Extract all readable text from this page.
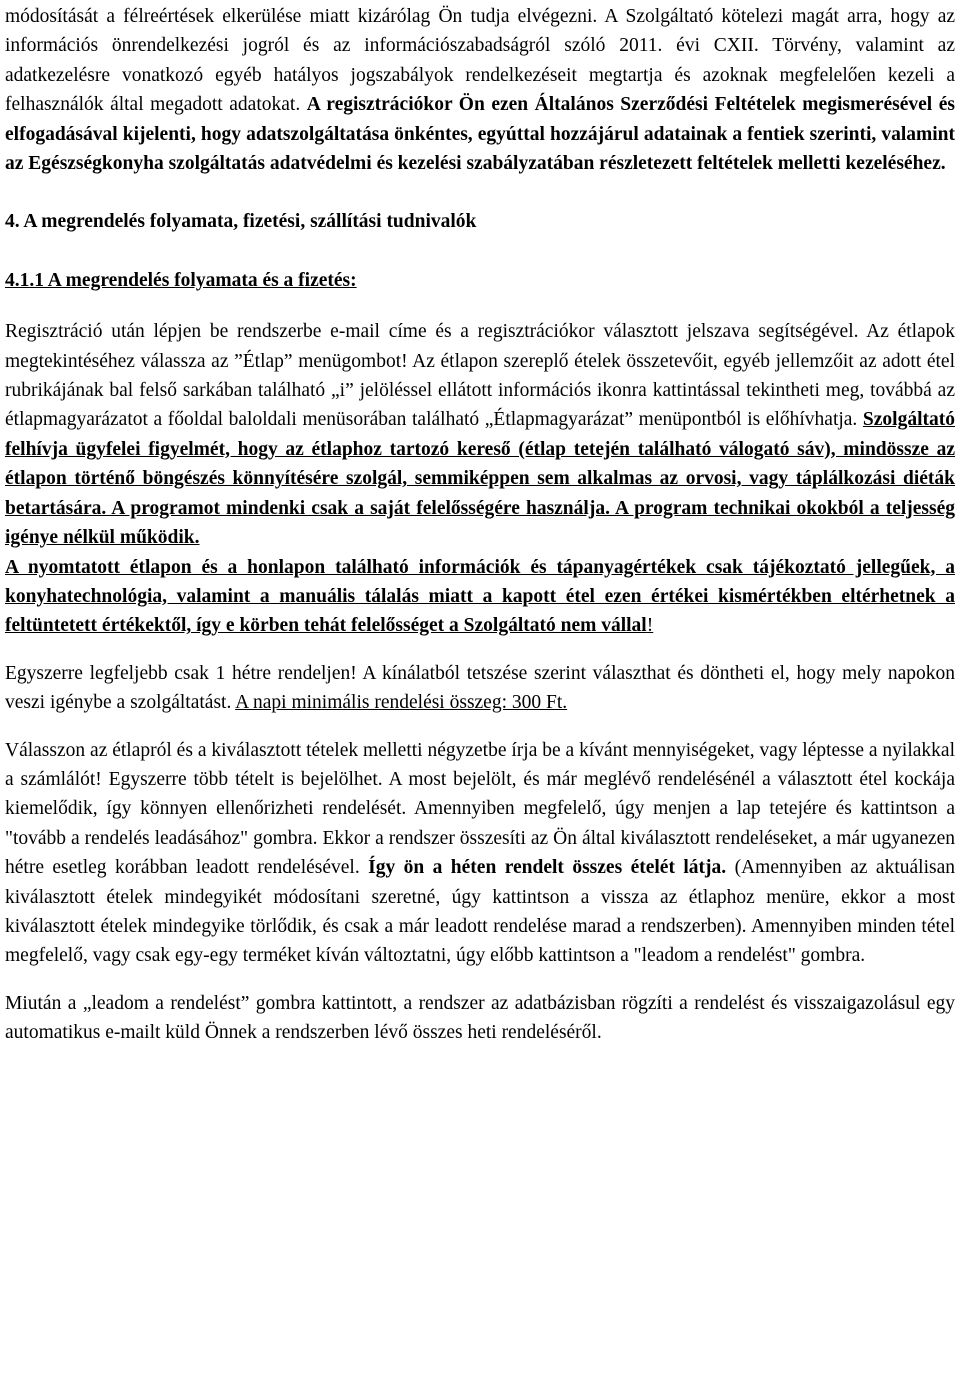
módosítását a félreértések elkerülése miatt kizárólag Ön tudja elvégezni. A Szolgáltató kötelezi magát arra, hogy az információs önrendelkezési jogról és az információszabadságról szóló 2011. évi CXII. Törvény, valamint az adatkezelésre vonatkozó egyéb hatályos jogszabályok rendelkezéseit megtartja és azoknak megfelelően kezeli a felhasználók által megadott adatokat. A regisztrációkor Ön ezen Általános Szerződési Feltételek megismerésével és elfogadásával kijelenti, hogy adatszolgáltatása önkéntes, egyúttal hozzájárul adatainak a fentiek szerinti, valamint az Egészségkonyha szolgáltatás adatvédelmi és kezelési szabályzatában részletezett feltételek melletti kezeléséhez.

4. A megrendelés folyamata, fizetési, szállítási tudnivalók

4.1.1 A megrendelés folyamata és a fizetés:

Regisztráció után lépjen be rendszerbe e-mail címe és a regisztrációkor választott jelszava segítségével. Az étlapok megtekintéséhez válassza az ”Étlap” menügombot! Az étlapon szereplő ételek összetevőit, egyéb jellemzőit az adott étel rubrikájának bal felső sarkában található „i” jelöléssel ellátott információs ikonra kattintással tekintheti meg, továbbá az étlapmagyarázatot a főoldal baloldali menüsorában található „Étlapmagyarázat” menüpontból is előhívhatja. Szolgáltató felhívja ügyfelei figyelmét, hogy az étlaphoz tartozó kereső (étlap tetején található válogató sáv), mindössze az étlapon történő böngészés könnyítésére szolgál, semmiképpen sem alkalmas az orvosi, vagy táplálkozási diéták betartására. A programot mindenki csak a saját felelősségére használja. A program technikai okokból a teljesség igénye nélkül működik.

A nyomtatott étlapon és a honlapon található információk és tápanyagértékek csak tájékoztató jellegűek, a konyhatechnológia, valamint a manuális tálalás miatt a kapott étel ezen értékei kismértékben eltérhetnek a feltüntetett értékektől, így e körben tehát felelősséget a Szolgáltató nem vállal!

Egyszerre legfeljebb csak 1 hétre rendeljen! A kínálatból tetszése szerint választhat és döntheti el, hogy mely napokon veszi igénybe a szolgáltatást. A napi minimális rendelési összeg: 300 Ft.

Válasszon az étlapról és a kiválasztott tételek melletti négyzetbe írja be a kívánt mennyiségeket, vagy léptesse a nyilakkal a számlálót! Egyszerre több tételt is bejelölhet. A most bejelölt, és már meglévő rendelésénél a választott étel kockája kiemelődik, így könnyen ellenőrizheti rendelését. Amennyiben megfelelő, úgy menjen a lap tetejére és kattintson a "tovább a rendelés leadásához" gombra. Ekkor a rendszer összesíti az Ön által kiválasztott rendeléseket, a már ugyanezen hétre esetleg korábban leadott rendelésével. Így ön a héten rendelt összes ételét látja. (Amennyiben az aktuálisan kiválasztott ételek mindegyikét módosítani szeretné, úgy kattintson a vissza az étlaphoz menüre, ekkor a most kiválasztott ételek mindegyike törlődik, és csak a már leadott rendelése marad a rendszerben). Amennyiben minden tétel megfelelő, vagy csak egy-egy terméket kíván változtatni, úgy előbb kattintson a "leadom a rendelést" gombra.

Miután a „leadom a rendelést” gombra kattintott, a rendszer az adatbázisban rögzíti a rendelést és visszaigazolásul egy automatikus e-mailt küld Önnek a rendszerben lévő összes heti rendeléséről.
